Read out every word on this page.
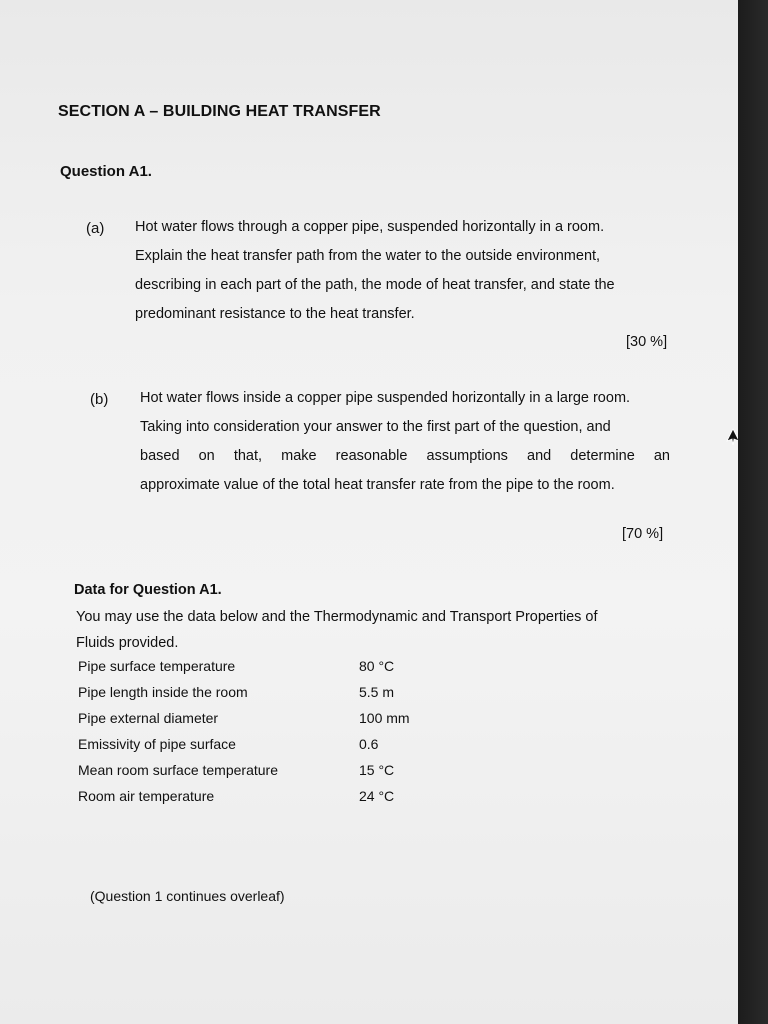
SECTION A – BUILDING HEAT TRANSFER
Question A1.
(a) Hot water flows through a copper pipe, suspended horizontally in a room.
Explain the heat transfer path from the water to the outside environment,
describing in each part of the path, the mode of heat transfer, and state the
predominant resistance to the heat transfer.
[30 %]
(b) Hot water flows inside a copper pipe suspended horizontally in a large room.
Taking into consideration your answer to the first part of the question, and
based on that, make reasonable assumptions and determine an
approximate value of the total heat transfer rate from the pipe to the room.
[70 %]
Data for Question A1.
You may use the data below and the Thermodynamic and Transport Properties of
Fluids provided.
Pipe surface temperature	80 °C
Pipe length inside the room	5.5 m
Pipe external diameter	100 mm
Emissivity of pipe surface	0.6
Mean room surface temperature	15 °C
Room air temperature	24 °C
(Question 1 continues overleaf)
